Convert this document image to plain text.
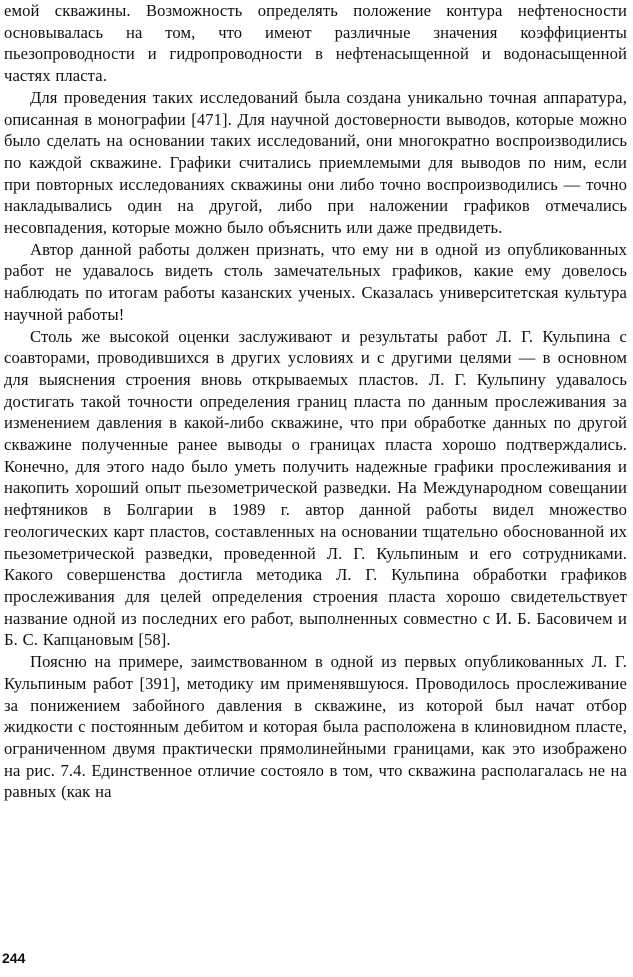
емой скважины. Возможность определять положение контура нефтеносности основывалась на том, что имеют различные значения коэффициенты пьезопроводности и гидропроводности в нефтенасыщенной и водонасыщенной частях пласта.

Для проведения таких исследований была создана уникально точная аппаратура, описанная в монографии [471]. Для научной достоверности выводов, которые можно было сделать на основании таких исследований, они многократно воспроизводились по каждой скважине. Графики считались приемлемыми для выводов по ним, если при повторных исследованиях скважины они либо точно воспроизводились — точно накладывались один на другой, либо при наложении графиков отмечались несовпадения, которые можно было объяснить или даже предвидеть.

Автор данной работы должен признать, что ему ни в одной из опубликованных работ не удавалось видеть столь замечательных графиков, какие ему довелось наблюдать по итогам работы казанских ученых. Сказалась университетская культура научной работы!

Столь же высокой оценки заслуживают и результаты работ Л. Г. Кульпина с соавторами, проводившихся в других условиях и с другими целями — в основном для выяснения строения вновь открываемых пластов. Л. Г. Кульпину удавалось достигать такой точности определения границ пласта по данным прослеживания за изменением давления в какой-либо скважине, что при обработке данных по другой скважине полученные ранее выводы о границах пласта хорошо подтверждались. Конечно, для этого надо было уметь получить надежные графики прослеживания и накопить хороший опыт пьезометрической разведки. На Международном совещании нефтяников в Болгарии в 1989 г. автор данной работы видел множество геологических карт пластов, составленных на основании тщательно обоснованной их пьезометрической разведки, проведенной Л. Г. Кульпиным и его сотрудниками. Какого совершенства достигла методика Л. Г. Кульпина обработки графиков прослеживания для целей определения строения пласта хорошо свидетельствует название одной из последних его работ, выполненных совместно с И. Б. Басовичем и Б. С. Капцановым [58].

Поясню на примере, заимствованном в одной из первых опубликованных Л. Г. Кульпиным работ [391], методику им применявшуюся. Проводилось прослеживание за понижением забойного давления в скважине, из которой был начат отбор жидкости с постоянным дебитом и которая была расположена в клиновидном пласте, ограниченном двумя практически прямолинейными границами, как это изображено на рис. 7.4. Единственное отличие состояло в том, что скважина располагалась не на равных (как на

244
